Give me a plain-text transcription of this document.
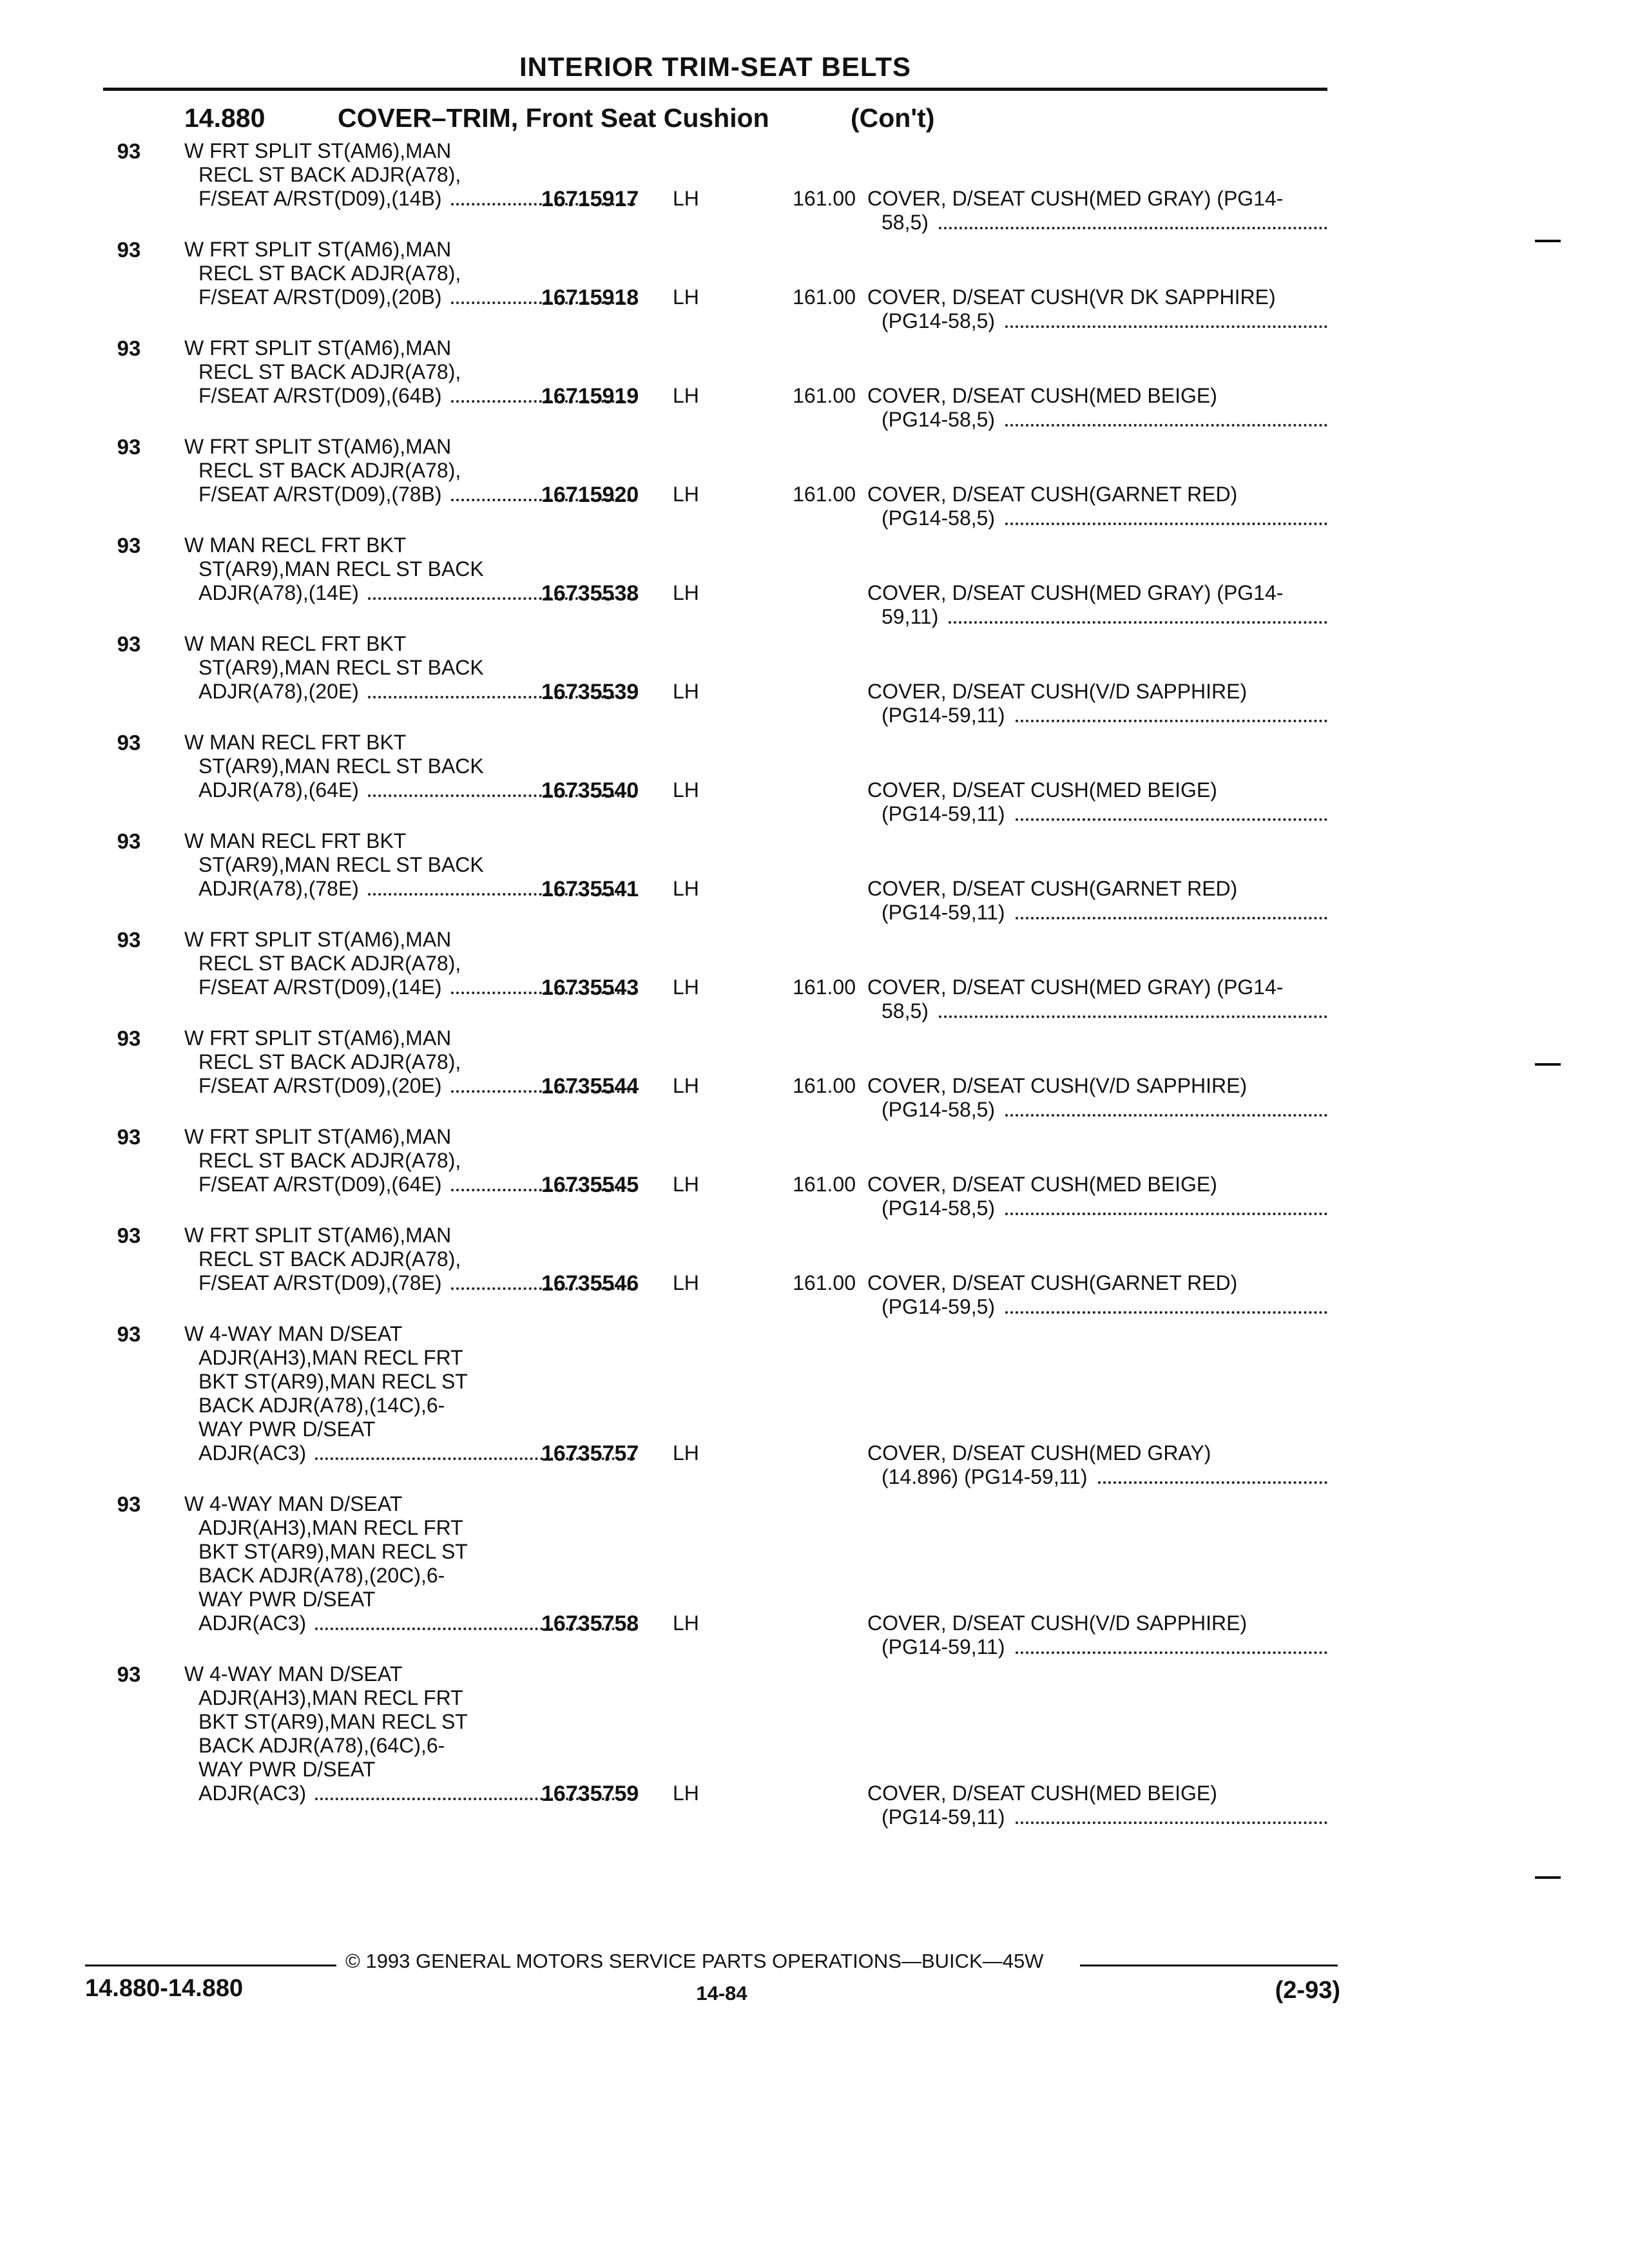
INTERIOR TRIM-SEAT BELTS
14.880	COVER–TRIM, Front Seat Cushion	(Con't)
93	W FRT SPLIT ST(AM6),MAN
RECL ST BACK ADJR(A78),
F/SEAT A/RST(D09),(14B)	16715917 LH	161.00 COVER, D/SEAT CUSH(MED GRAY) (PG14-
58,5)
93	W FRT SPLIT ST(AM6),MAN
RECL ST BACK ADJR(A78),
F/SEAT A/RST(D09),(20B)	16715918 LH	161.00 COVER, D/SEAT CUSH(VR DK SAPPHIRE)
(PG14-58,5)
93	W FRT SPLIT ST(AM6),MAN
RECL ST BACK ADJR(A78),
F/SEAT A/RST(D09),(64B)	16715919 LH	161.00 COVER, D/SEAT CUSH(MED BEIGE)
(PG14-58,5)
93	W FRT SPLIT ST(AM6),MAN
RECL ST BACK ADJR(A78),
F/SEAT A/RST(D09),(78B)	16715920 LH	161.00 COVER, D/SEAT CUSH(GARNET RED)
(PG14-58,5)
93	W MAN RECL FRT BKT
ST(AR9),MAN RECL ST BACK
ADJR(A78),(14E)	16735538 LH	COVER, D/SEAT CUSH(MED GRAY) (PG14-
59,11)
93	W MAN RECL FRT BKT
ST(AR9),MAN RECL ST BACK
ADJR(A78),(20E)	16735539 LH	COVER, D/SEAT CUSH(V/D SAPPHIRE)
(PG14-59,11)
93	W MAN RECL FRT BKT
ST(AR9),MAN RECL ST BACK
ADJR(A78),(64E)	16735540 LH	COVER, D/SEAT CUSH(MED BEIGE)
(PG14-59,11)
93	W MAN RECL FRT BKT
ST(AR9),MAN RECL ST BACK
ADJR(A78),(78E)	16735541 LH	COVER, D/SEAT CUSH(GARNET RED)
(PG14-59,11)
93	W FRT SPLIT ST(AM6),MAN
RECL ST BACK ADJR(A78),
F/SEAT A/RST(D09),(14E)	16735543 LH	161.00 COVER, D/SEAT CUSH(MED GRAY) (PG14-
58,5)
93	W FRT SPLIT ST(AM6),MAN
RECL ST BACK ADJR(A78),
F/SEAT A/RST(D09),(20E)	16735544 LH	161.00 COVER, D/SEAT CUSH(V/D SAPPHIRE)
(PG14-58,5)
93	W FRT SPLIT ST(AM6),MAN
RECL ST BACK ADJR(A78),
F/SEAT A/RST(D09),(64E)	16735545 LH	161.00 COVER, D/SEAT CUSH(MED BEIGE)
(PG14-58,5)
93	W FRT SPLIT ST(AM6),MAN
RECL ST BACK ADJR(A78),
F/SEAT A/RST(D09),(78E)	16735546 LH	161.00 COVER, D/SEAT CUSH(GARNET RED)
(PG14-59,5)
93	W 4-WAY MAN D/SEAT
ADJR(AH3),MAN RECL FRT
BKT ST(AR9),MAN RECL ST
BACK ADJR(A78),(14C),6-
WAY PWR D/SEAT
ADJR(AC3)	16735757 LH	COVER, D/SEAT CUSH(MED GRAY)
(14.896) (PG14-59,11)
93	W 4-WAY MAN D/SEAT
ADJR(AH3),MAN RECL FRT
BKT ST(AR9),MAN RECL ST
BACK ADJR(A78),(20C),6-
WAY PWR D/SEAT
ADJR(AC3)	16735758 LH	COVER, D/SEAT CUSH(V/D SAPPHIRE)
(PG14-59,11)
93	W 4-WAY MAN D/SEAT
ADJR(AH3),MAN RECL FRT
BKT ST(AR9),MAN RECL ST
BACK ADJR(A78),(64C),6-
WAY PWR D/SEAT
ADJR(AC3)	16735759 LH	COVER, D/SEAT CUSH(MED BEIGE)
(PG14-59,11)
© 1993 GENERAL MOTORS SERVICE PARTS OPERATIONS—BUICK—45W
14.880-14.880	14-84	(2-93)
